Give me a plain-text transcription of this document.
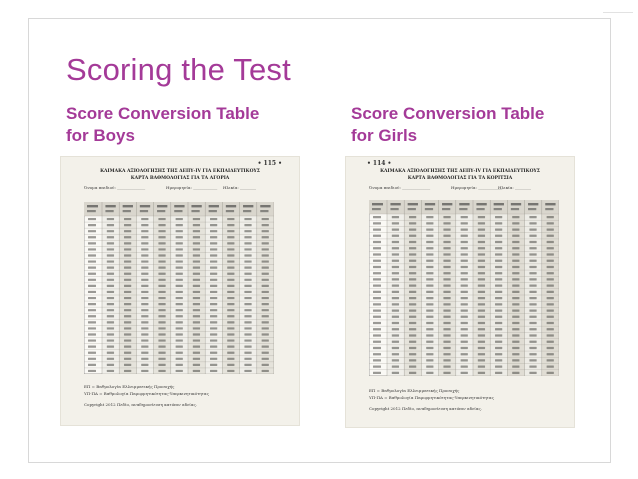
Scoring the Test
Score Conversion Table
for Boys
Score Conversion Table
for Girls
• 115 •
ΚΛΙΜΑΚΑ ΑΞΙΟΛΟΓΗΣΗΣ ΤΗΣ ΔΕΠΥ-IV ΓΙΑ ΕΚΠΑΙΔΕΥΤΙΚΟΥΣ
ΚΑΡΤΑ ΒΑΘΜΟΛΟΓΙΑΣ ΓΙΑ ΤΑ ΑΓΟΡΙΑ
Όνομα παιδιού: ______________	Ημερομηνία: ____________ Ηλικία: ________
ΕΠ = Βαθμολογία Ελλειμματικής Προσοχής
ΥΠ-ΠΑ = Βαθμολογία Παρορμητικότητας-Υπερκινητικότητας
Copyright 2012 Πεδίο, αναδημοσίευση κατόπιν αδείας.
• 114 •
ΚΛΙΜΑΚΑ ΑΞΙΟΛΟΓΗΣΗΣ ΤΗΣ ΔΕΠΥ-IV ΓΙΑ ΕΚΠΑΙΔΕΥΤΙΚΟΥΣ
ΚΑΡΤΑ ΒΑΘΜΟΛΟΓΙΑΣ ΓΙΑ ΤΑ ΚΟΡΙΤΣΙΑ
Όνομα παιδιού: ______________	Ημερομηνία: ____________
Ηλικία: ________
ΕΠ = Βαθμολογία Ελλειμματικής Προσοχής
ΥΠ-ΠΑ = Βαθμολογία Παρορμητικότητας-Υπερκινητικότητας
Copyright 2012 Πεδίο, αναδημοσίευση κατόπιν αδείας.
